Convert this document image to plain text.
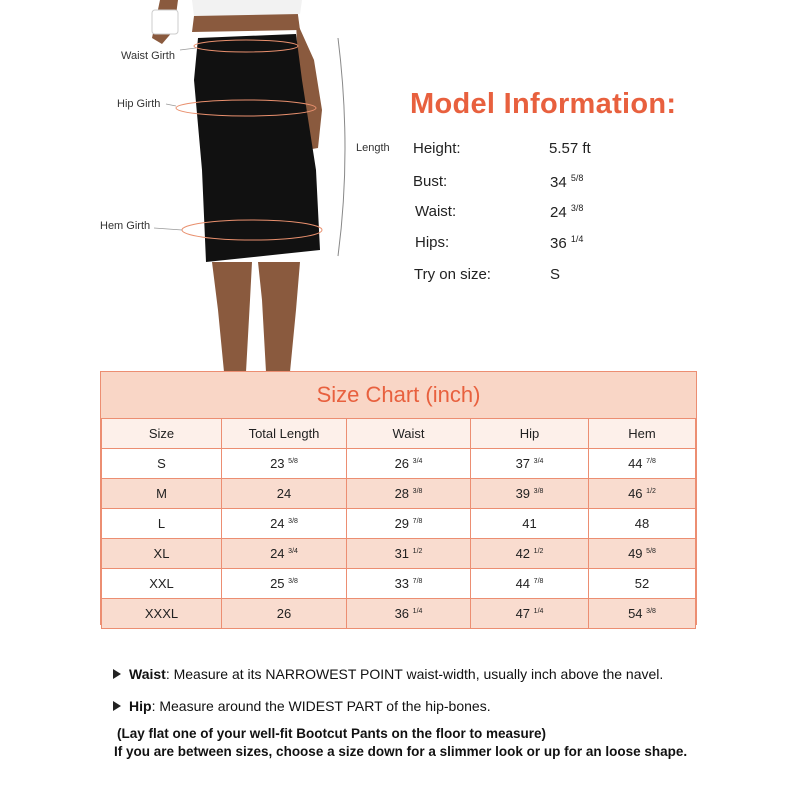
Waist Girth
Hip Girth
Hem Girth
Length
Model Information:
Height:	5.57 ft
Bust:	34 $^{5/8}$
Waist:	24 $^{3/8}$
Hips:	36 $^{1/4}$
Try on size:	S
Size Chart (inch)
Size	Total Length	Waist	Hip	Hem
S	23 $^{5/8}$	26 $^{3/4}$	37 $^{3/4}$	44 $^{7/8}$
M	24	28 $^{3/8}$	39 $^{3/8}$	46 $^{1/2}$
L	24 $^{3/8}$	29 $^{7/8}$	41	48
XL	24 $^{3/4}$	31 $^{1/2}$	42 $^{1/2}$	49 $^{5/8}$
XXL	25 $^{3/8}$	33 $^{7/8}$	44 $^{7/8}$	52
XXXL	26	36 $^{1/4}$	47 $^{1/4}$	54 $^{3/8}$
Waist: Measure at its NARROWEST POINT waist-width, usually inch above the navel.
Hip: Measure around the WIDEST PART of the hip-bones.
(Lay flat one of your well-fit Bootcut Pants on the floor to measure)
If you are between sizes, choose a size down for a slimmer look or up for an loose shape.
